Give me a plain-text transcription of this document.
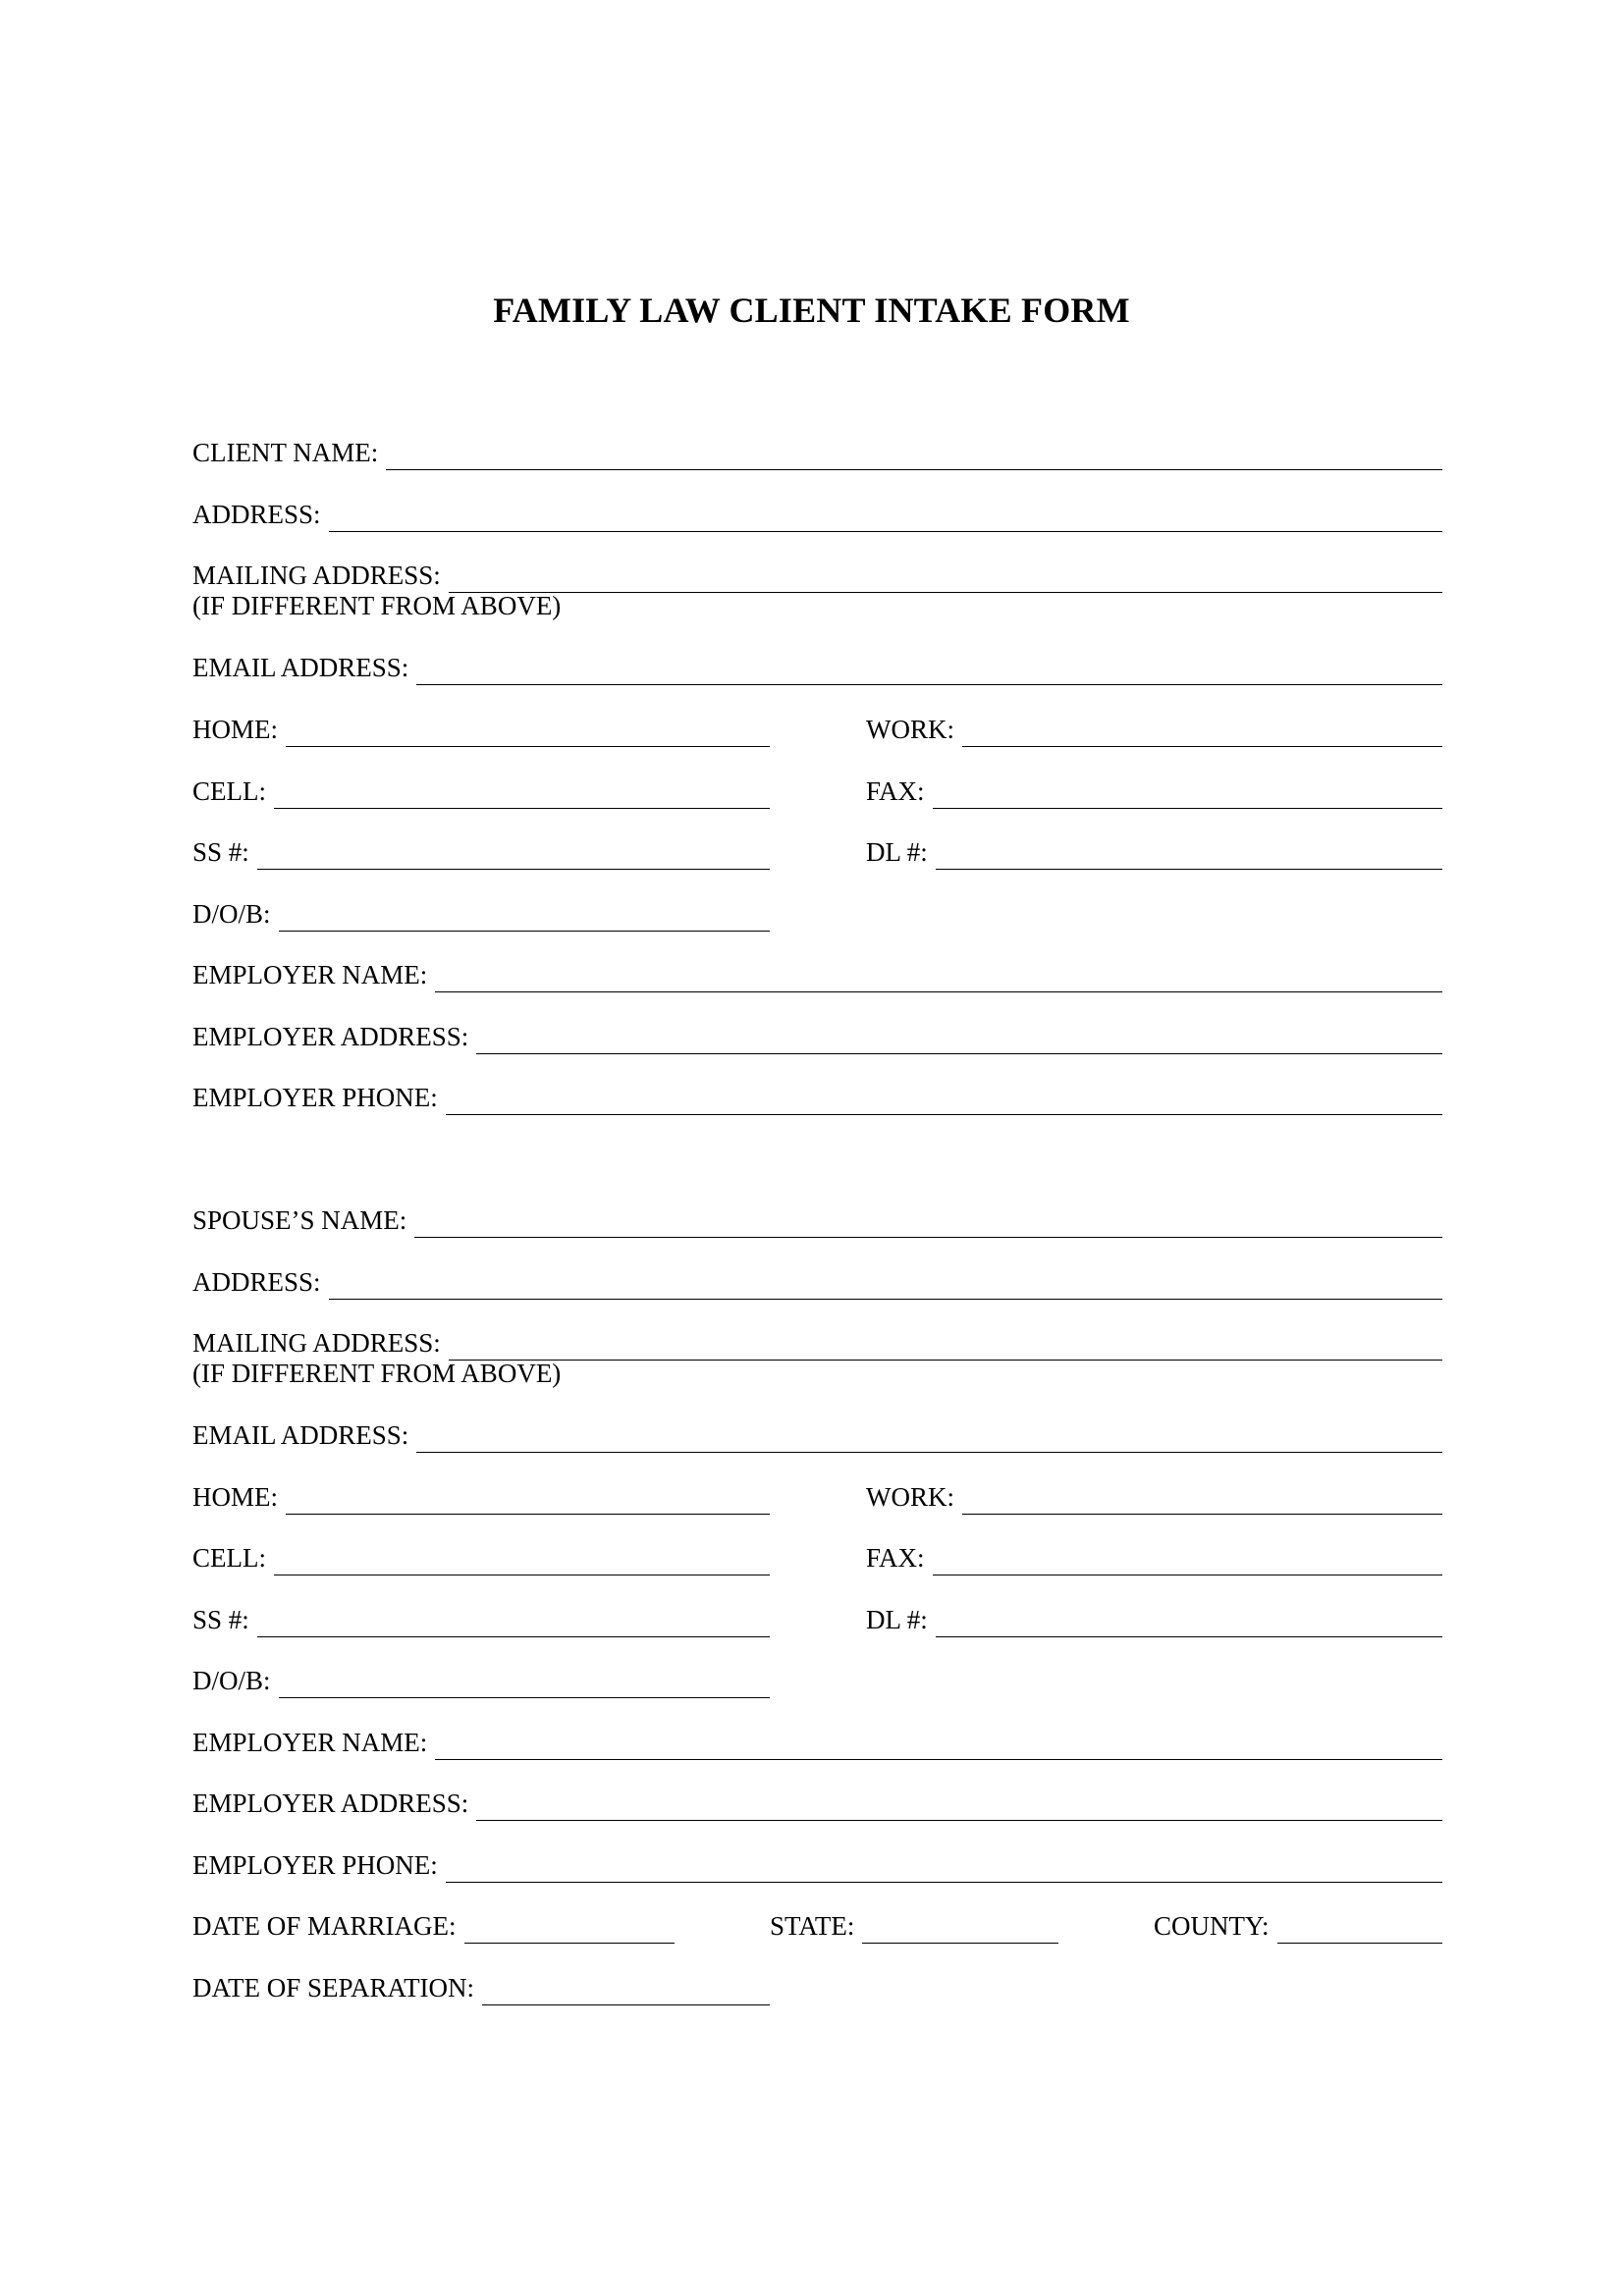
FAMILY LAW CLIENT INTAKE FORM
CLIENT NAME:
ADDRESS:
MAILING ADDRESS:
(IF DIFFERENT FROM ABOVE)
EMAIL ADDRESS:
HOME:	WORK:
CELL:	FAX:
SS #:	DL #:
D/O/B:
EMPLOYER NAME:
EMPLOYER ADDRESS:
EMPLOYER PHONE:
SPOUSE’S NAME:
ADDRESS:
MAILING ADDRESS:
(IF DIFFERENT FROM ABOVE)
EMAIL ADDRESS:
HOME:	WORK:
CELL:	FAX:
SS #:	DL #:
D/O/B:
EMPLOYER NAME:
EMPLOYER ADDRESS:
EMPLOYER PHONE:
DATE OF MARRIAGE:	STATE:	COUNTY:
DATE OF SEPARATION:
